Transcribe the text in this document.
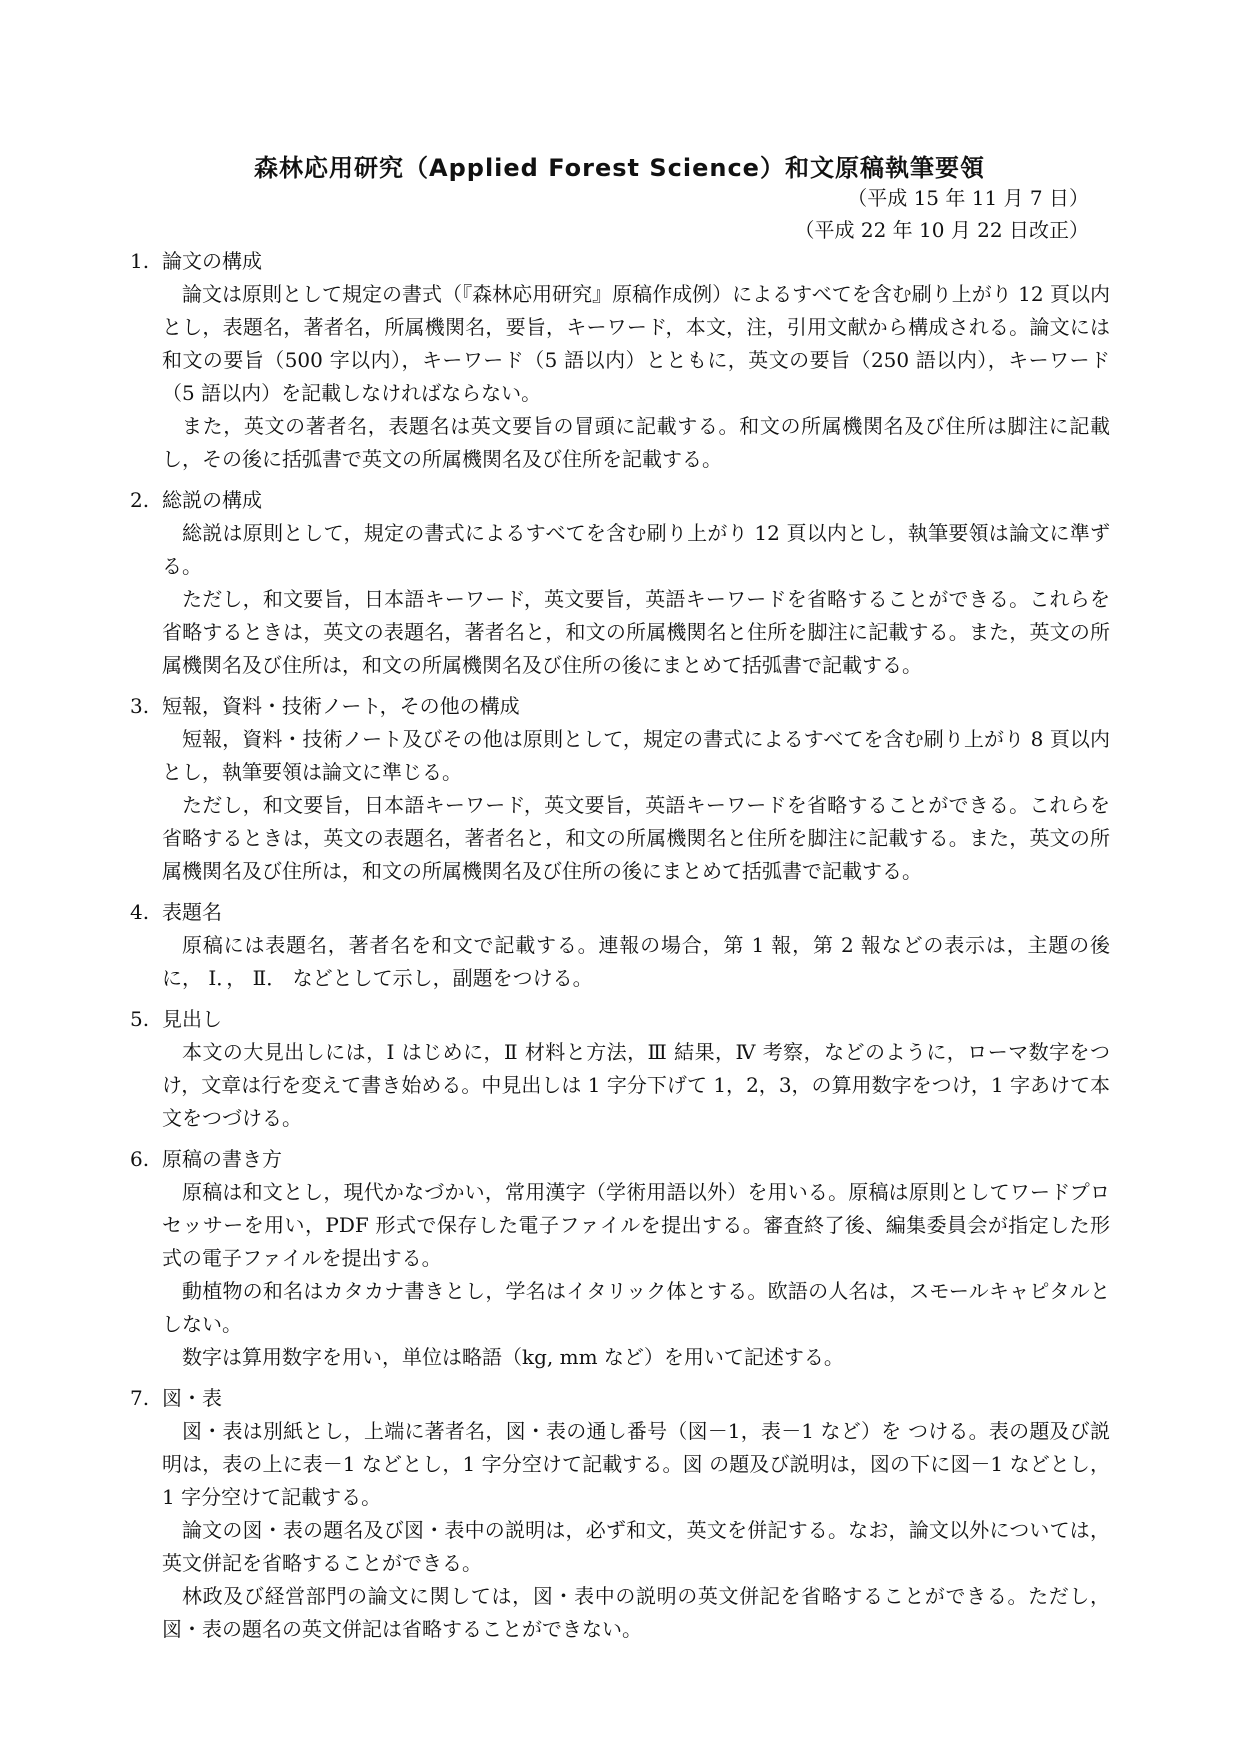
森林応用研究（Applied Forest Science）和文原稿執筆要領
（平成 15 年 11 月 7 日）
（平成 22 年 10 月 22 日改正）
1. 論文の構成
論文は原則として規定の書式（『森林応用研究』原稿作成例）によるすべてを含む刷り上がり 12 頁以内とし，表題名，著者名，所属機関名，要旨，キーワード，本文，注，引用文献から構成される。論文には和文の要旨（500 字以内），キーワード（5 語以内）とともに，英文の要旨（250 語以内），キーワード（5 語以内）を記載しなければならない。
また，英文の著者名，表題名は英文要旨の冒頭に記載する。和文の所属機関名及び住所は脚注に記載し，その後に括弧書で英文の所属機関名及び住所を記載する。
2. 総説の構成
総説は原則として，規定の書式によるすべてを含む刷り上がり 12 頁以内とし，執筆要領は論文に準ずる。
ただし，和文要旨，日本語キーワード，英文要旨，英語キーワードを省略することができる。これらを省略するときは，英文の表題名，著者名と，和文の所属機関名と住所を脚注に記載する。また，英文の所属機関名及び住所は，和文の所属機関名及び住所の後にまとめて括弧書で記載する。
3. 短報，資料・技術ノート，その他の構成
短報，資料・技術ノート及びその他は原則として，規定の書式によるすべてを含む刷り上がり 8 頁以内とし，執筆要領は論文に準じる。
ただし，和文要旨，日本語キーワード，英文要旨，英語キーワードを省略することができる。これらを省略するときは，英文の表題名，著者名と，和文の所属機関名と住所を脚注に記載する。また，英文の所属機関名及び住所は，和文の所属機関名及び住所の後にまとめて括弧書で記載する。
4. 表題名
原稿には表題名，著者名を和文で記載する。連報の場合，第 1 報，第 2 報などの表示は，主題の後に， Ⅰ．， Ⅱ． などとして示し，副題をつける。
5. 見出し
本文の大見出しには，Ⅰ はじめに，Ⅱ 材料と方法，Ⅲ 結果，Ⅳ 考察，などのように，ローマ数字をつけ，文章は行を変えて書き始める。中見出しは 1 字分下げて 1，2，3，の算用数字をつけ，1 字あけて本文をつづける。
6. 原稿の書き方
原稿は和文とし，現代かなづかい，常用漢字（学術用語以外）を用いる。原稿は原則としてワードプロセッサーを用い，PDF 形式で保存した電子ファイルを提出する。審査終了後、編集委員会が指定した形式の電子ファイルを提出する。
動植物の和名はカタカナ書きとし，学名はイタリック体とする。欧語の人名は，スモールキャピタルとしない。
数字は算用数字を用い，単位は略語（kg, mm など）を用いて記述する。
7. 図・表
図・表は別紙とし，上端に著者名，図・表の通し番号（図－1，表－1 など）を つける。表の題及び説明は，表の上に表－1 などとし，1 字分空けて記載する。図 の題及び説明は，図の下に図－1 などとし，1 字分空けて記載する。
論文の図・表の題名及び図・表中の説明は，必ず和文，英文を併記する。なお，論文以外については，英文併記を省略することができる。
林政及び経営部門の論文に関しては，図・表中の説明の英文併記を省略することができる。ただし，図・表の題名の英文併記は省略することができない。
